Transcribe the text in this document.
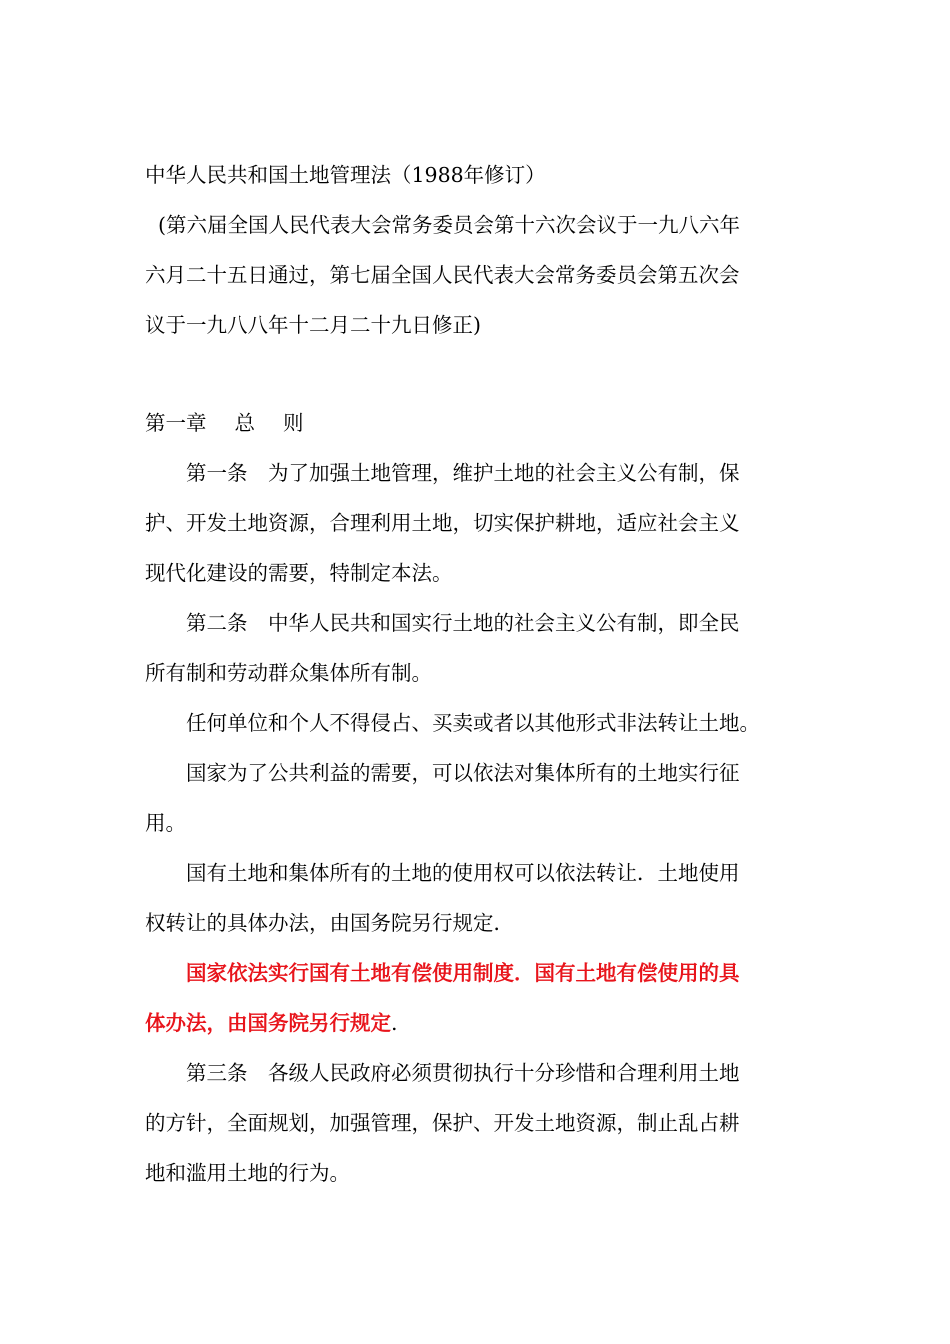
中华人民共和国土地管理法（1988年修订）

(第六届全国人民代表大会常务委员会第十六次会议于一九八六年
六月二十五日通过，第七届全国人民代表大会常务委员会第五次会
议于一九八八年十二月二十九日修正)
第一章 总 则
　　第一条　为了加强土地管理，维护土地的社会主义公有制，保
护、开发土地资源，合理利用土地，切实保护耕地，适应社会主义
现代化建设的需要，特制定本法。
　　第二条　中华人民共和国实行土地的社会主义公有制，即全民
所有制和劳动群众集体所有制。
　　任何单位和个人不得侵占、买卖或者以其他形式非法转让土地。
　　国家为了公共利益的需要，可以依法对集体所有的土地实行征
用。
　　国有土地和集体所有的土地的使用权可以依法转让．土地使用
权转让的具体办法，由国务院另行规定．
　　国家依法实行国有土地有偿使用制度．国有土地有偿使用的具
体办法，由国务院另行规定.
　　第三条　各级人民政府必须贯彻执行十分珍惜和合理利用土地
的方针，全面规划，加强管理，保护、开发土地资源，制止乱占耕
地和滥用土地的行为。
